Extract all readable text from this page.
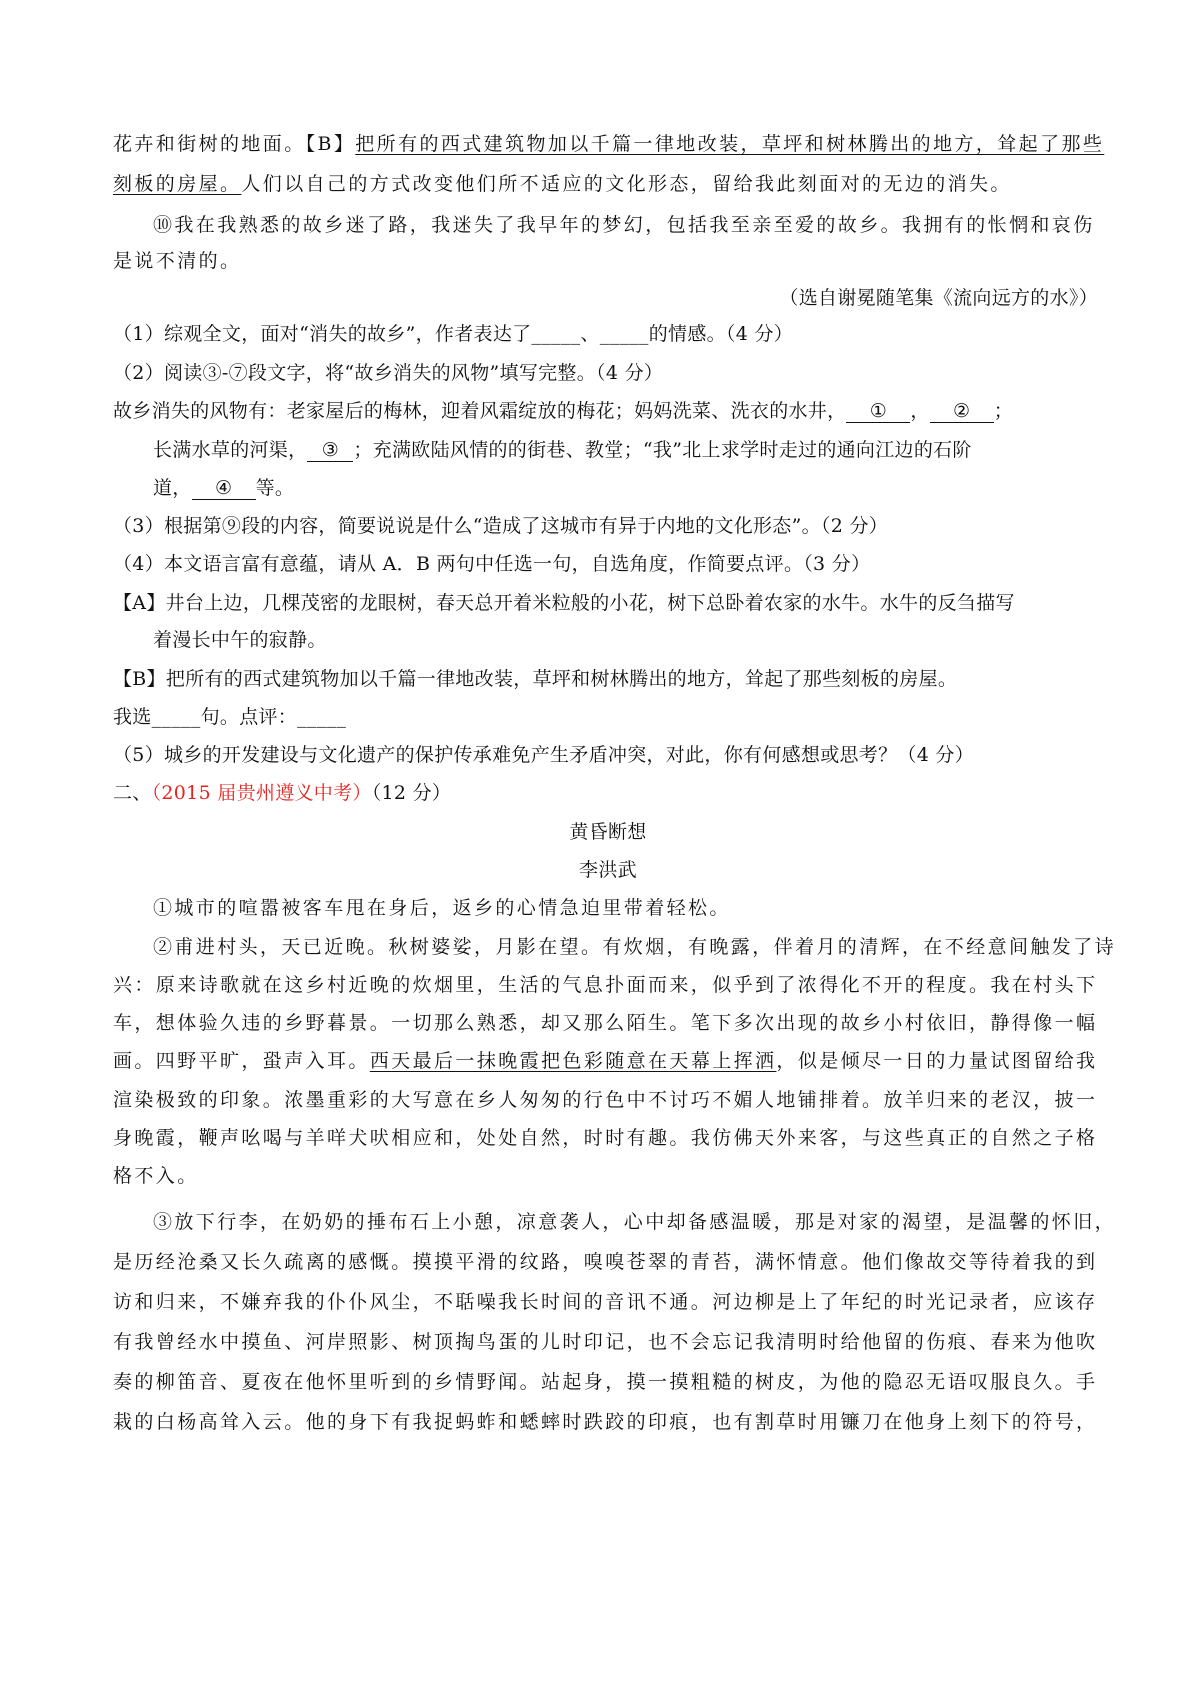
花卉和街树的地面。【B】把所有的西式建筑物加以千篇一律地改装，草坪和树林腾出的地方，耸起了那些
刻板的房屋。人们以自己的方式改变他们所不适应的文化形态，留给我此刻面对的无边的消失。
⑩我在我熟悉的故乡迷了路，我迷失了我早年的梦幻，包括我至亲至爱的故乡。我拥有的怅惘和哀伤
是说不清的。
（选自谢冕随笔集《流向远方的水》）
（1）综观全文，面对“消失的故乡”，作者表达了_____、_____的情感。（4 分）
（2）阅读③-⑦段文字，将“故乡消失的风物”填写完整。（4 分）
故乡消失的风物有：老家屋后的梅林，迎着风霜绽放的梅花；妈妈洗菜、洗衣的水井， ① ， ② ；
长满水草的河渠， ③ ；充满欧陆风情的的街巷、教堂；“我”北上求学时走过的通向江边的石阶
道， ④ 等。
（3）根据第⑨段的内容，简要说说是什么“造成了这城市有异于内地的文化形态”。（2 分）
（4）本文语言富有意蕴，请从 A．B 两句中任选一句，自选角度，作简要点评。（3 分）
【A】井台上边，几棵茂密的龙眼树，春天总开着米粒般的小花，树下总卧着农家的水牛。水牛的反刍描写
着漫长中午的寂静。
【B】把所有的西式建筑物加以千篇一律地改装，草坪和树林腾出的地方，耸起了那些刻板的房屋。
我选_____句。点评：_____
（5）城乡的开发建设与文化遗产的保护传承难免产生矛盾冲突，对此，你有何感想或思考？（4 分）
二、（2015 届贵州遵义中考）（12 分）
黄昏断想
李洪武
①城市的喧嚣被客车甩在身后，返乡的心情急迫里带着轻松。
②甫进村头，天已近晚。秋树婆娑，月影在望。有炊烟，有晚露，伴着月的清辉，在不经意间触发了诗
兴：原来诗歌就在这乡村近晚的炊烟里，生活的气息扑面而来，似乎到了浓得化不开的程度。我在村头下
车，想体验久违的乡野暮景。一切那么熟悉，却又那么陌生。笔下多次出现的故乡小村依旧，静得像一幅
画。四野平旷，蛩声入耳。西天最后一抹晚霞把色彩随意在天幕上挥洒，似是倾尽一日的力量试图留给我
渲染极致的印象。浓墨重彩的大写意在乡人匆匆的行色中不讨巧不媚人地铺排着。放羊归来的老汉，披一
身晚霞，鞭声吆喝与羊咩犬吠相应和，处处自然，时时有趣。我仿佛天外来客，与这些真正的自然之子格
格不入。
③放下行李，在奶奶的捶布石上小憩，凉意袭人，心中却备感温暖，那是对家的渴望，是温馨的怀旧，
是历经沧桑又长久疏离的感慨。摸摸平滑的纹路，嗅嗅苍翠的青苔，满怀情意。他们像故交等待着我的到
访和归来，不嫌弃我的仆仆风尘，不聒噪我长时间的音讯不通。河边柳是上了年纪的时光记录者，应该存
有我曾经水中摸鱼、河岸照影、树顶掏鸟蛋的儿时印记，也不会忘记我清明时给他留的伤痕、春来为他吹
奏的柳笛音、夏夜在他怀里听到的乡情野闻。站起身，摸一摸粗糙的树皮，为他的隐忍无语叹服良久。手
栽的白杨高耸入云。他的身下有我捉蚂蚱和蟋蟀时跌跤的印痕，也有割草时用镰刀在他身上刻下的符号，
